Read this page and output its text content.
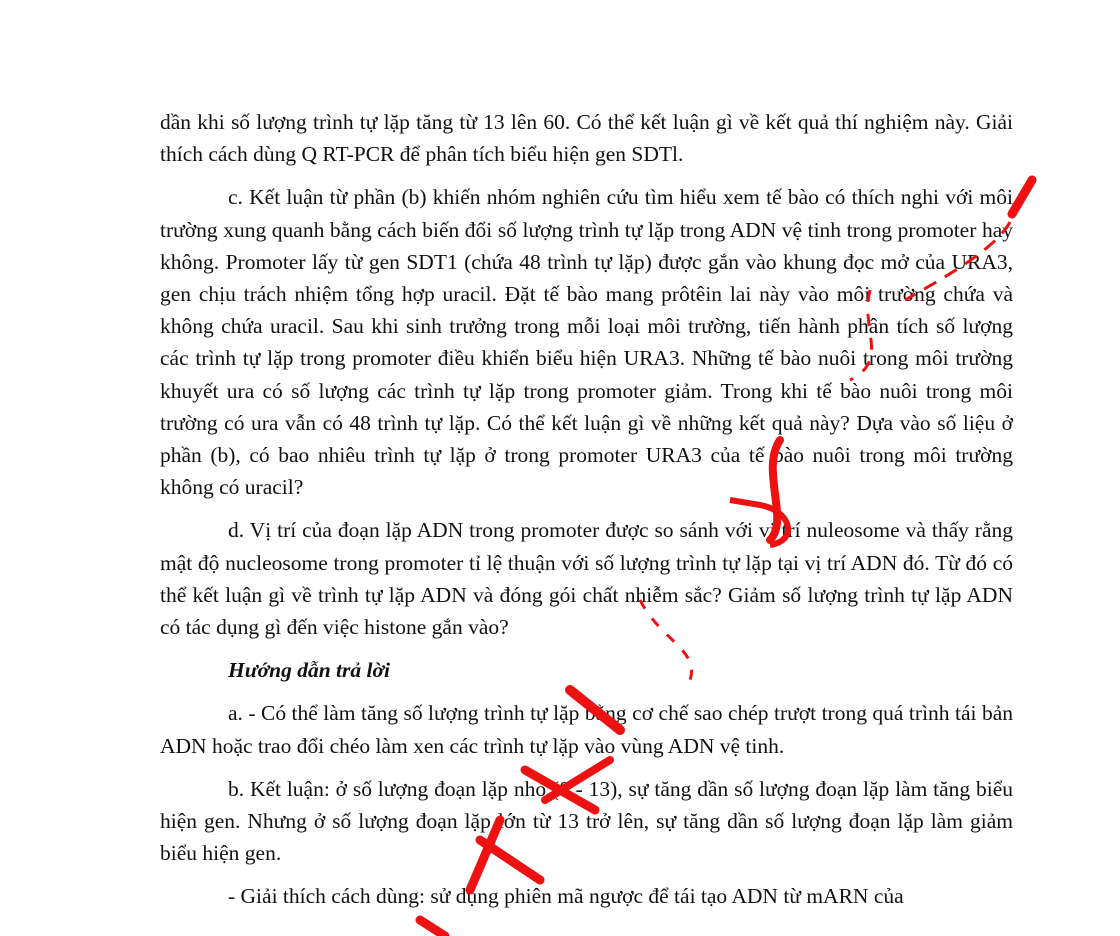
dần khi số lượng trình tự lặp tăng từ 13 lên 60. Có thể kết luận gì về kết quả thí nghiệm này. Giải thích cách dùng Q RT-PCR để phân tích biểu hiện gen SDTl.

c. Kết luận từ phần (b) khiến nhóm nghiên cứu tìm hiểu xem tế bào có thích nghi với môi trường xung quanh bằng cách biến đổi số lượng trình tự lặp trong ADN vệ tinh trong promoter hay không. Promoter lấy từ gen SDT1 (chứa 48 trình tự lặp) được gắn vào khung đọc mở của URA3, gen chịu trách nhiệm tổng hợp uracil. Đặt tế bào mang prôtêin lai này vào môi trường chứa và không chứa uracil. Sau khi sinh trưởng trong mỗi loại môi trường, tiến hành phân tích số lượng các trình tự lặp trong promoter điều khiển biểu hiện URA3. Những tế bào nuôi trong môi trường khuyết ura có số lượng các trình tự lặp trong promoter giảm. Trong khi tế bào nuôi trong môi trường có ura vẫn có 48 trình tự lặp. Có thể kết luận gì về những kết quả này? Dựa vào số liệu ở phần (b), có bao nhiêu trình tự lặp ở trong promoter URA3 của tế bào nuôi trong môi trường không có uracil?

d. Vị trí của đoạn lặp ADN trong promoter được so sánh với vị trí nuleosome và thấy rằng mật độ nucleosome trong promoter tỉ lệ thuận với số lượng trình tự lặp tại vị trí ADN đó. Từ đó có thể kết luận gì về trình tự lặp ADN và đóng gói chất nhiễm sắc? Giảm số lượng trình tự lặp ADN có tác dụng gì đến việc histone gắn vào?

Hướng dẫn trả lời

a. - Có thể làm tăng số lượng trình tự lặp bằng cơ chế sao chép trượt trong quá trình tái bản ADN hoặc trao đổi chéo làm xen các trình tự lặp vào vùng ADN vệ tinh.

b. Kết luận: ở số lượng đoạn lặp nhỏ (0 - 13), sự tăng dần số lượng đoạn lặp làm tăng biểu hiện gen. Nhưng ở số lượng đoạn lặp lớn từ 13 trở lên, sự tăng dần số lượng đoạn lặp làm giảm biểu hiện gen.

- Giải thích cách dùng: sử dụng phiên mã ngược để tái tạo ADN từ mARN của
